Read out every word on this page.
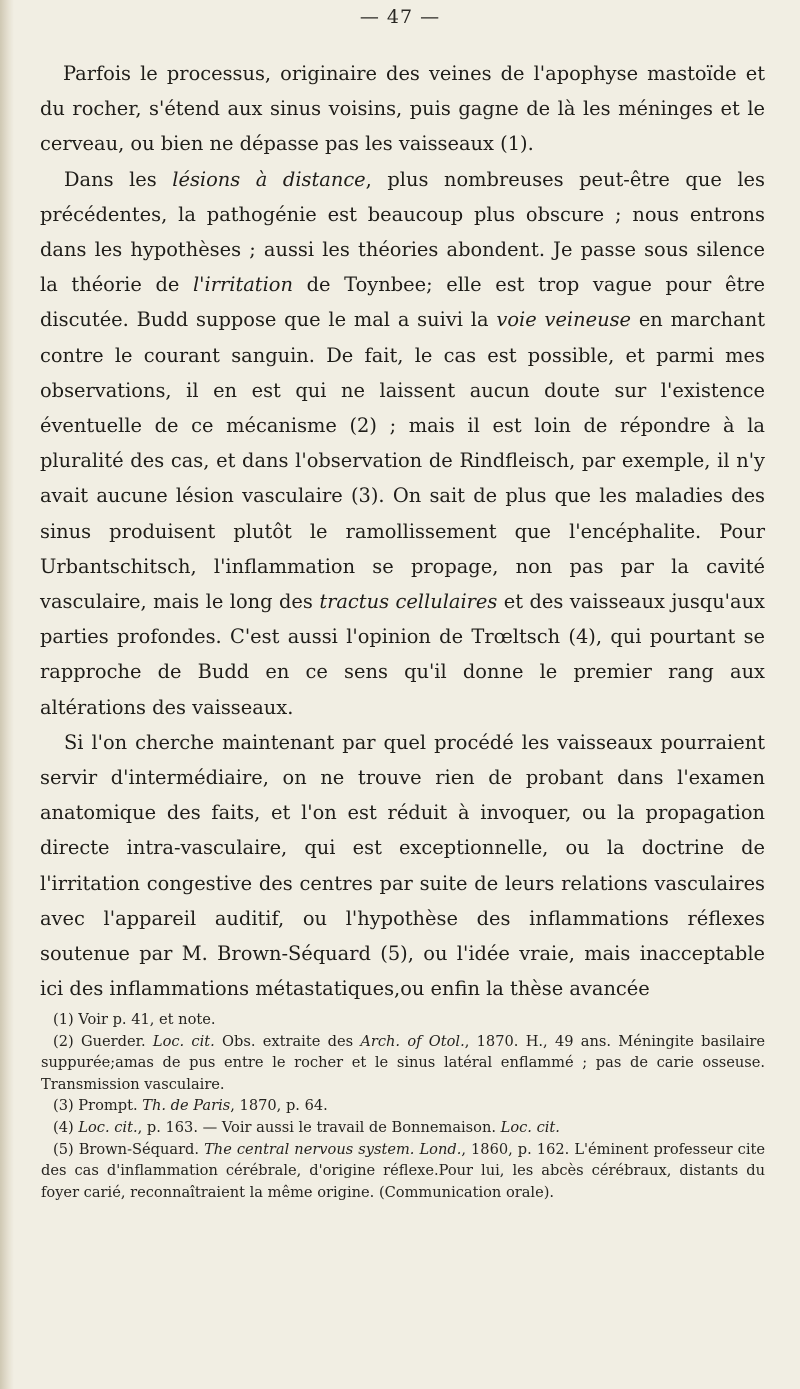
— 47 —

Parfois le processus, originaire des veines de l'apophyse mastoïde et du rocher, s'étend aux sinus voisins, puis gagne de là les méninges et le cerveau, ou bien ne dépasse pas les vaisseaux (1).

Dans les lésions à distance, plus nombreuses peut-être que les précédentes, la pathogénie est beaucoup plus obscure ; nous entrons dans les hypothèses ; aussi les théories abondent. Je passe sous silence la théorie de l'irritation de Toynbee; elle est trop vague pour être discutée. Budd suppose que le mal a suivi la voie veineuse en marchant contre le courant sanguin. De fait, le cas est possible, et parmi mes observations, il en est qui ne laissent aucun doute sur l'existence éventuelle de ce mécanisme (2) ; mais il est loin de répondre à la pluralité des cas, et dans l'observation de Rindfleisch, par exemple, il n'y avait aucune lésion vasculaire (3). On sait de plus que les maladies des sinus produisent plutôt le ramollissement que l'encéphalite. Pour Urbantschitsch, l'inflammation se propage, non pas par la cavité vasculaire, mais le long des tractus cellulaires et des vaisseaux jusqu'aux parties profondes. C'est aussi l'opinion de Trœltsch (4), qui pourtant se rapproche de Budd en ce sens qu'il donne le premier rang aux altérations des vaisseaux.

Si l'on cherche maintenant par quel procédé les vaisseaux pourraient servir d'intermédiaire, on ne trouve rien de probant dans l'examen anatomique des faits, et l'on est réduit à invoquer, ou la propagation directe intra-vasculaire, qui est exceptionnelle, ou la doctrine de l'irritation congestive des centres par suite de leurs relations vasculaires avec l'appareil auditif, ou l'hypothèse des inflammations réflexes soutenue par M. Brown-Séquard (5), ou l'idée vraie, mais inacceptable ici des inflammations métastatiques,ou enfin la thèse avancée

(1) Voir p. 41, et note.

(2) Guerder. Loc. cit. Obs. extraite des Arch. of Otol., 1870. H., 49 ans. Méningite basilaire suppurée;amas de pus entre le rocher et le sinus latéral enflammé ; pas de carie osseuse. Transmission vasculaire.

(3) Prompt. Th. de Paris, 1870, p. 64.

(4) Loc. cit., p. 163. — Voir aussi le travail de Bonnemaison. Loc. cit.

(5) Brown-Séquard. The central nervous system. Lond., 1860, p. 162. L'éminent professeur cite des cas d'inflammation cérébrale, d'origine réflexe.Pour lui, les abcès cérébraux, distants du foyer carié, reconnaîtraient la même origine. (Communication orale).
